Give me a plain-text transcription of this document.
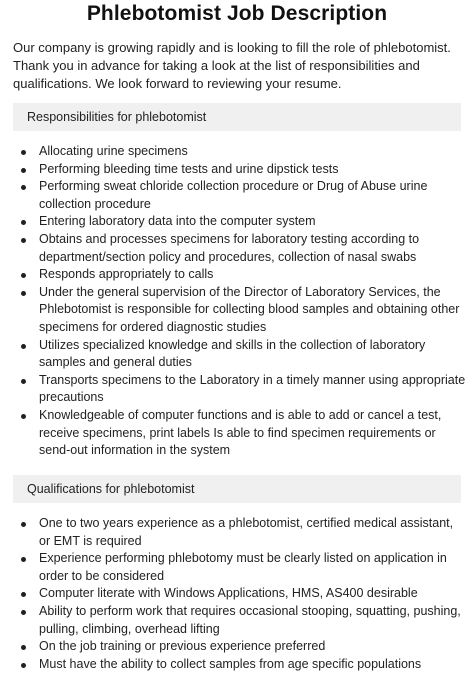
Phlebotomist Job Description
Our company is growing rapidly and is looking to fill the role of phlebotomist. Thank you in advance for taking a look at the list of responsibilities and qualifications. We look forward to reviewing your resume.
Responsibilities for phlebotomist
Allocating urine specimens
Performing bleeding time tests and urine dipstick tests
Performing sweat chloride collection procedure or Drug of Abuse urine collection procedure
Entering laboratory data into the computer system
Obtains and processes specimens for laboratory testing according to department/section policy and procedures, collection of nasal swabs
Responds appropriately to calls
Under the general supervision of the Director of Laboratory Services, the Phlebotomist is responsible for collecting blood samples and obtaining other specimens for ordered diagnostic studies
Utilizes specialized knowledge and skills in the collection of laboratory samples and general duties
Transports specimens to the Laboratory in a timely manner using appropriate precautions
Knowledgeable of computer functions and is able to add or cancel a test, receive specimens, print labels Is able to find specimen requirements or send-out information in the system
Qualifications for phlebotomist
One to two years experience as a phlebotomist, certified medical assistant, or EMT is required
Experience performing phlebotomy must be clearly listed on application in order to be considered
Computer literate with Windows Applications, HMS, AS400 desirable
Ability to perform work that requires occasional stooping, squatting, pushing, pulling, climbing, overhead lifting
On the job training or previous experience preferred
Must have the ability to collect samples from age specific populations
